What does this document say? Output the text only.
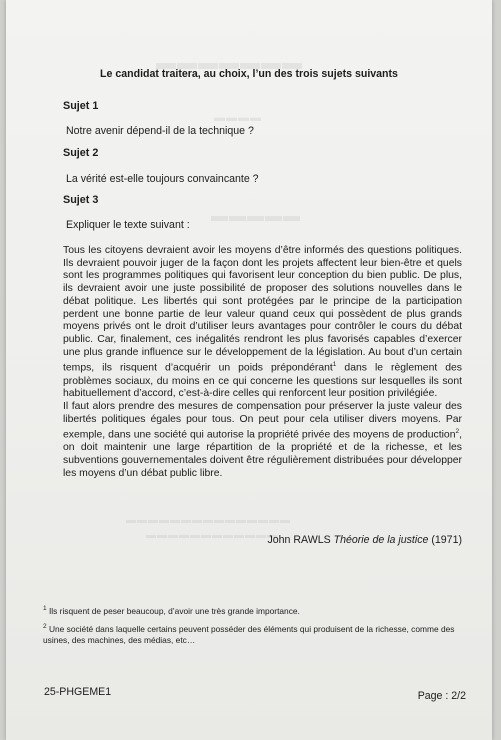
▬▬▬▬▬▬▬
▬▬▬▬
▬▬▬▬▬
▬▬▬▬▬▬▬▬▬▬▬▬▬▬▬
▬▬▬▬▬▬▬▬▬▬▬▬
Le candidat traitera, au choix, l’un des trois sujets suivants
Sujet 1
Notre avenir dépend-il de la technique ?
Sujet 2
La vérité est-elle toujours convaincante ?
Sujet 3
Expliquer le texte suivant :

Tous les citoyens devraient avoir les moyens d’être informés des questions politiques. Ils devraient pouvoir juger de la façon dont les projets affectent leur bien-être et quels sont les programmes politiques qui favorisent leur conception du bien public. De plus, ils devraient avoir une juste possibilité de proposer des solutions nouvelles dans le débat politique. Les libertés qui sont protégées par le principe de la participation perdent une bonne partie de leur valeur quand ceux qui possèdent de plus grands moyens privés ont le droit d’utiliser leurs avantages pour contrôler le cours du débat public. Car, finalement, ces inégalités rendront les plus favorisés capables d’exercer une plus grande influence sur le développement de la législation. Au bout d’un certain temps, ils risquent d’acquérir un poids prépondérant$^1$ dans le règlement des problèmes sociaux, du moins en ce qui concerne les questions sur lesquelles ils sont habituellement d’accord, c’est-à-dire celles qui renforcent leur position privilégiée.

Il faut alors prendre des mesures de compensation pour préserver la juste valeur des libertés politiques égales pour tous. On peut pour cela utiliser divers moyens. Par exemple, dans une société qui autorise la propriété privée des moyens de production$^2$, on doit maintenir une large répartition de la propriété et de la richesse, et les subventions gouvernementales doivent être régulièrement distribuées pour développer les moyens d’un débat public libre.

John RAWLS Théorie de la justice (1971)

$^1$ Ils risquent de peser beaucoup, d’avoir une très grande importance.

$^2$ Une société dans laquelle certains peuvent posséder des éléments qui produisent de la richesse, comme des usines, des machines, des médias, etc…

25-PHGEME1	Page : 2/2
